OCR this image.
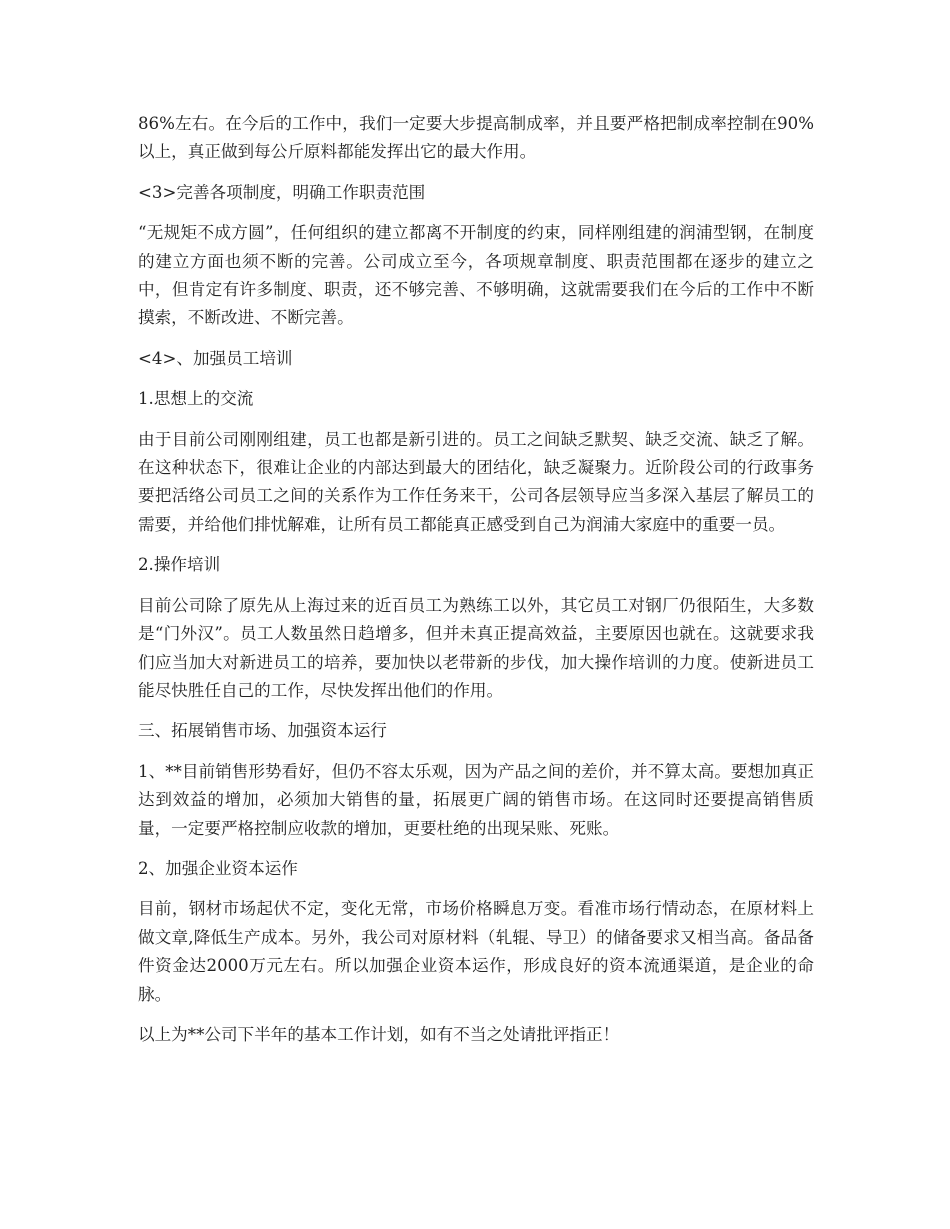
86%左右。在今后的工作中，我们一定要大步提高制成率，并且要严格把制成率控制在90%以上，真正做到每公斤原料都能发挥出它的最大作用。

<3>完善各项制度，明确工作职责范围

“无规矩不成方圆”，任何组织的建立都离不开制度的约束，同样刚组建的润浦型钢，在制度的建立方面也须不断的完善。公司成立至今，各项规章制度、职责范围都在逐步的建立之中，但肯定有许多制度、职责，还不够完善、不够明确，这就需要我们在今后的工作中不断摸索，不断改进、不断完善。

<4>、加强员工培训

1.思想上的交流

由于目前公司刚刚组建，员工也都是新引进的。员工之间缺乏默契、缺乏交流、缺乏了解。在这种状态下，很难让企业的内部达到最大的团结化，缺乏凝聚力。近阶段公司的行政事务要把活络公司员工之间的关系作为工作任务来干，公司各层领导应当多深入基层了解员工的需要，并给他们排忧解难，让所有员工都能真正感受到自己为润浦大家庭中的重要一员。

2.操作培训

目前公司除了原先从上海过来的近百员工为熟练工以外，其它员工对钢厂仍很陌生，大多数是“门外汉”。员工人数虽然日趋增多，但并未真正提高效益，主要原因也就在。这就要求我们应当加大对新进员工的培养，要加快以老带新的步伐，加大操作培训的力度。使新进员工能尽快胜任自己的工作，尽快发挥出他们的作用。

三、拓展销售市场、加强资本运行

1、**目前销售形势看好，但仍不容太乐观，因为产品之间的差价，并不算太高。要想加真正达到效益的增加，必须加大销售的量，拓展更广阔的销售市场。在这同时还要提高销售质量，一定要严格控制应收款的增加，更要杜绝的出现呆账、死账。

2、加强企业资本运作

目前，钢材市场起伏不定，变化无常，市场价格瞬息万变。看准市场行情动态，在原材料上做文章,降低生产成本。另外，我公司对原材料（轧辊、导卫）的储备要求又相当高。备品备件资金达2000万元左右。所以加强企业资本运作，形成良好的资本流通渠道，是企业的命脉。

以上为**公司下半年的基本工作计划，如有不当之处请批评指正！
